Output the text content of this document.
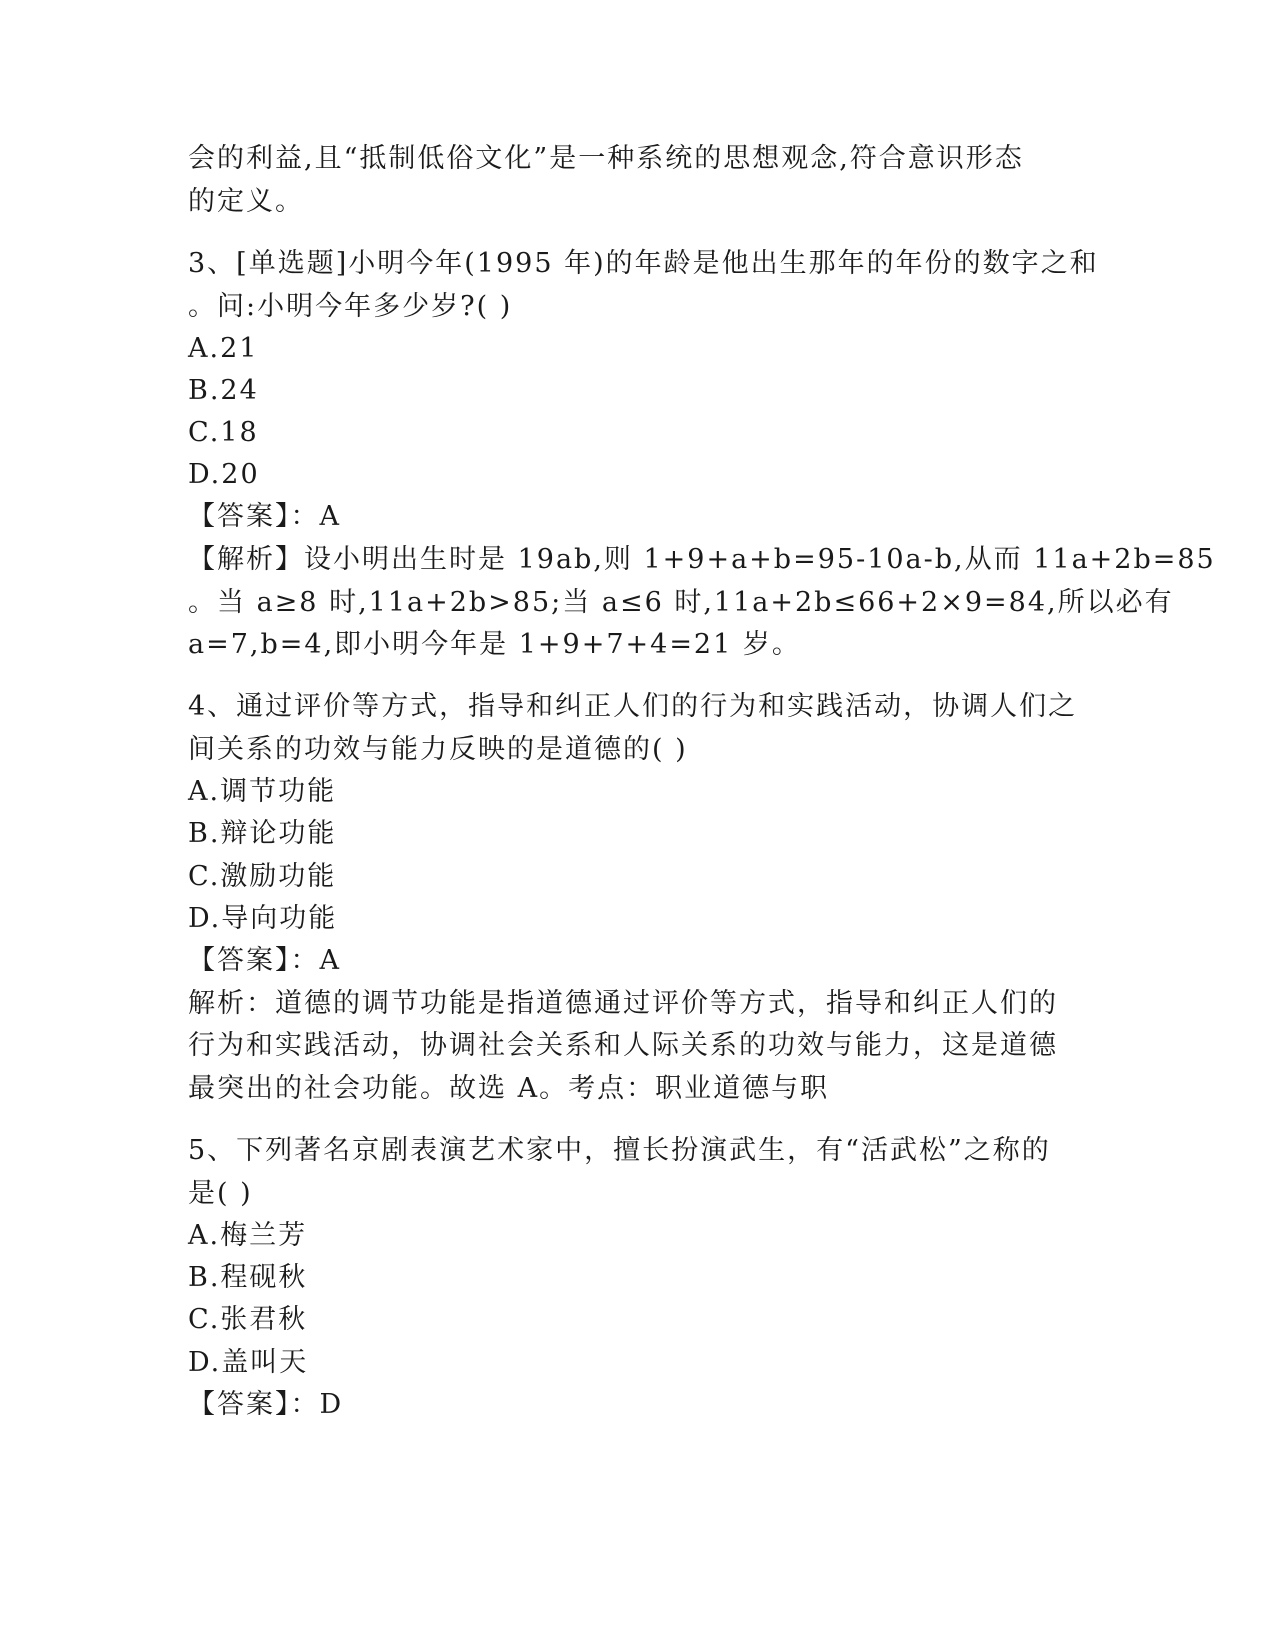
会的利益,且“抵制低俗文化”是一种系统的思想观念,符合意识形态
的定义。
3、[单选题]小明今年(1995 年)的年龄是他出生那年的年份的数字之和
。问:小明今年多少岁?( )
A.21
B.24
C.18
D.20
【答案】：A
【解析】设小明出生时是 19ab,则 1+9+a+b=95-10a-b,从而 11a+2b=85
。当 a≥8 时,11a+2b>85;当 a≤6 时,11a+2b≤66+2×9=84,所以必有
a=7,b=4,即小明今年是 1+9+7+4=21 岁。
4、通过评价等方式，指导和纠正人们的行为和实践活动，协调人们之
间关系的功效与能力反映的是道德的( )
A.调节功能
B.辩论功能
C.激励功能
D.导向功能
【答案】：A
解析：道德的调节功能是指道德通过评价等方式，指导和纠正人们的
行为和实践活动，协调社会关系和人际关系的功效与能力，这是道德
最突出的社会功能。故选 A。考点：职业道德与职
5、下列著名京剧表演艺术家中，擅长扮演武生，有“活武松”之称的
是( )
A.梅兰芳
B.程砚秋
C.张君秋
D.盖叫天
【答案】：D
